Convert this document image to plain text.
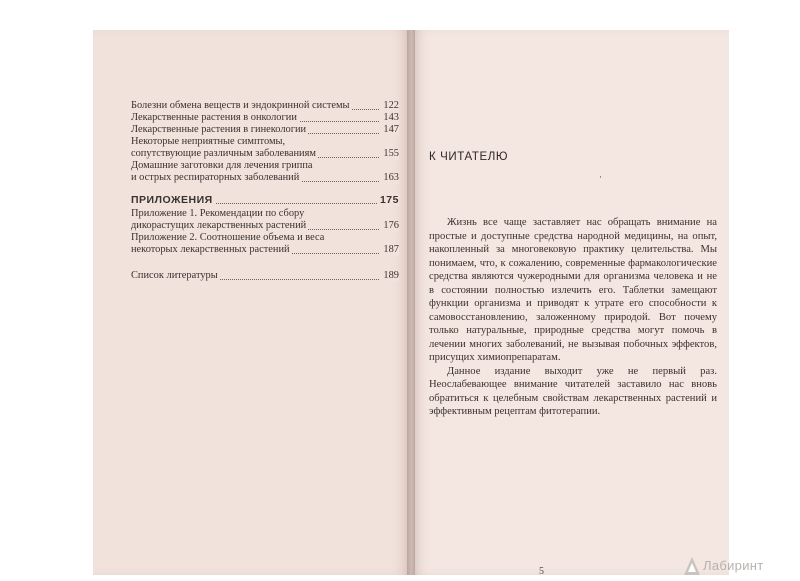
Болезни обмена веществ и эндокринной системы	122
Лекарственные растения в онкологии	143
Лекарственные растения в гинекологии	147
Некоторые неприятные симптомы,
сопутствующие различным заболеваниям	155
Домашние заготовки для лечения гриппа
и острых респираторных заболеваний	163
ПРИЛОЖЕНИЯ	175
Приложение 1. Рекомендации по сбору
дикорастущих лекарственных растений	176
Приложение 2. Соотношение объема и веса
некоторых лекарственных растений	187
Список литературы	189
К ЧИТАТЕЛЮ
·

Жизнь все чаще заставляет нас обращать внимание на простые и доступные средства народной медицины, на опыт, накопленный за многовековую практику целительства. Мы понимаем, что, к сожалению, современные фармакологические средства являются чужеродными для организма человека и не в состоянии полностью излечить его. Таблетки замещают функции организма и приводят к утрате его способности к самовосстановлению, заложенному природой. Вот почему только натуральные, природные средства могут помочь в лечении многих заболеваний, не вызывая побочных эффектов, присущих химиопрепаратам.

Данное издание выходит уже не первый раз. Неослабевающее внимание читателей заставило нас вновь обратиться к целебным свойствам лекарственных растений и эффективным рецептам фитотерапии.

5	Лабиринт
